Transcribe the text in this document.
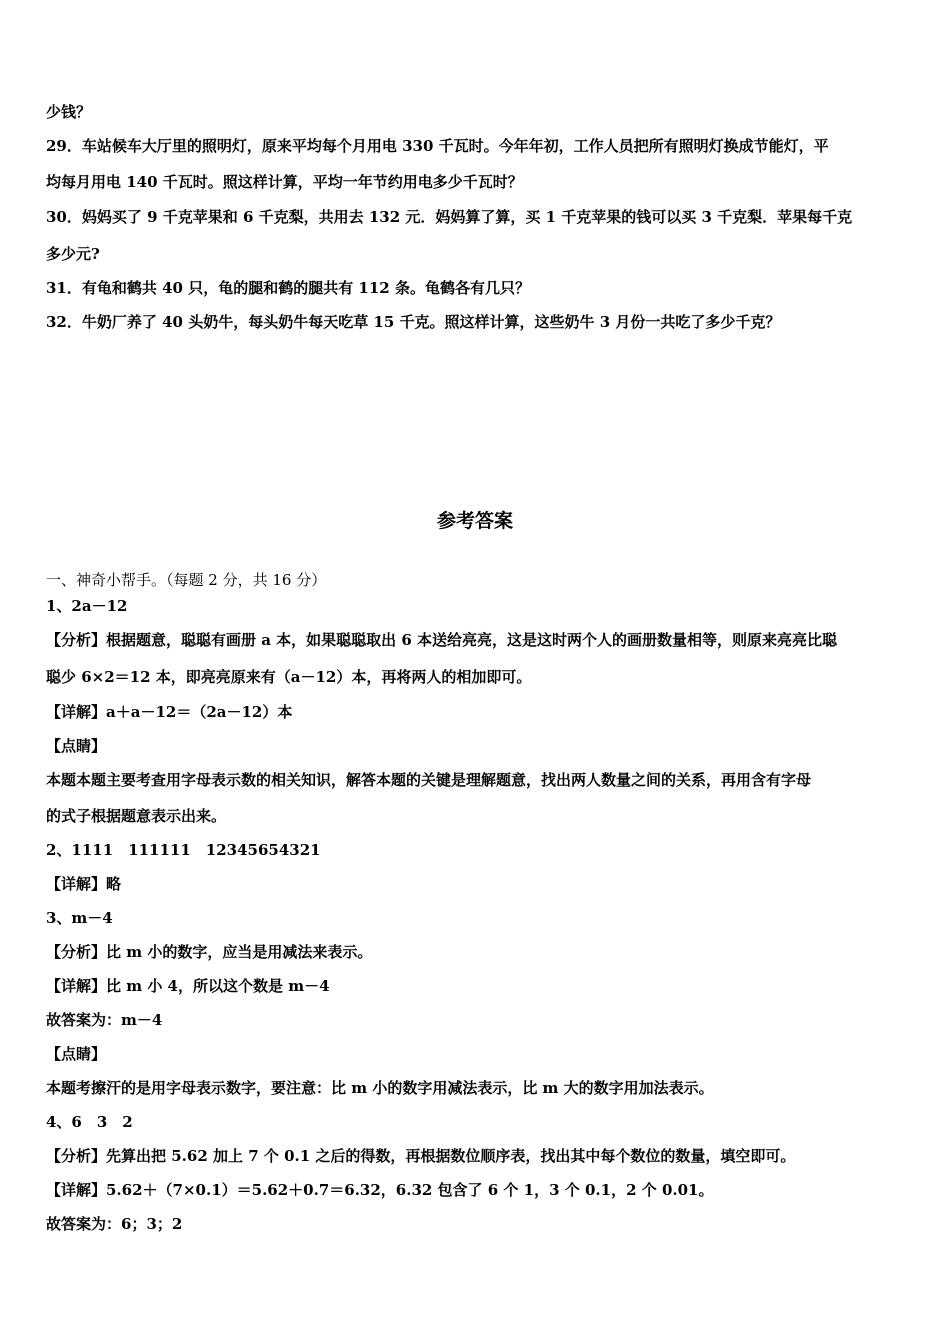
少钱？
29．车站候车大厅里的照明灯，原来平均每个月用电 330 千瓦时。今年年初，工作人员把所有照明灯换成节能灯，平
均每月用电 140 千瓦时。照这样计算，平均一年节约用电多少千瓦时？
30．妈妈买了 9 千克苹果和 6 千克梨，共用去 132 元．妈妈算了算，买 1 千克苹果的钱可以买 3 千克梨．苹果每千克
多少元?
31．有龟和鹤共 40 只，龟的腿和鹤的腿共有 112 条。龟鹤各有几只？
32．牛奶厂养了 40 头奶牛，每头奶牛每天吃草 15 千克。照这样计算，这些奶牛 3 月份一共吃了多少千克？
参考答案
一、神奇小帮手。（每题 2 分，共 16 分）
1、2a－12
【分析】根据题意，聪聪有画册 a 本，如果聪聪取出 6 本送给亮亮，这是这时两个人的画册数量相等，则原来亮亮比聪
聪少 6×2＝12 本，即亮亮原来有（a－12）本，再将两人的相加即可。
【详解】a＋a－12＝（2a－12）本
【点睛】
本题本题主要考查用字母表示数的相关知识，解答本题的关键是理解题意，找出两人数量之间的关系，再用含有字母
的式子根据题意表示出来。
2、1111　111111　12345654321
【详解】略
3、m－4
【分析】比 m 小的数字，应当是用减法来表示。
【详解】比 m 小 4，所以这个数是 m－4
故答案为：m－4
【点睛】
本题考擦汗的是用字母表示数字，要注意：比 m 小的数字用减法表示，比 m 大的数字用加法表示。
4、6　3　2
【分析】先算出把 5.62 加上 7 个 0.1 之后的得数，再根据数位顺序表，找出其中每个数位的数量，填空即可。
【详解】5.62＋（7×0.1）＝5.62＋0.7＝6.32，6.32 包含了 6 个 1，3 个 0.1，2 个 0.01。
故答案为：6；3；2
